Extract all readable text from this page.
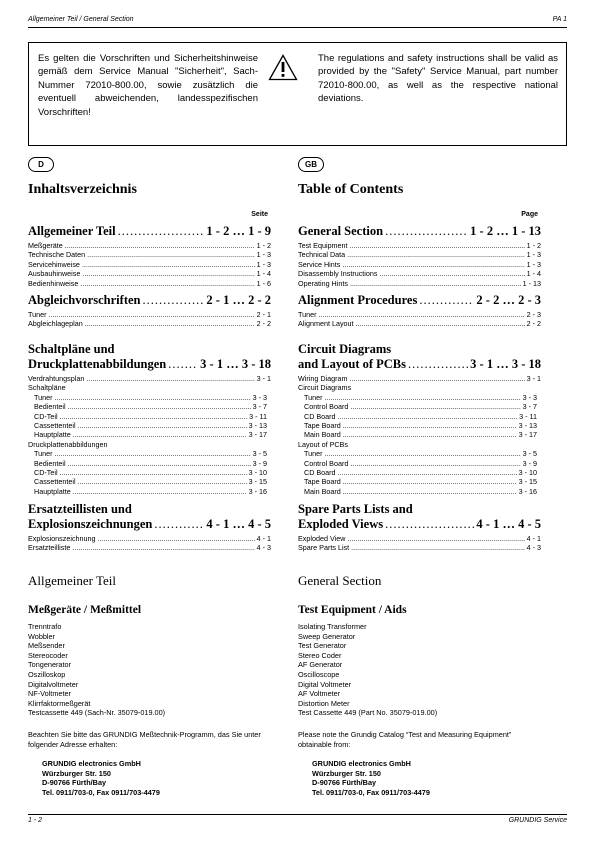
Allgemeiner Teil / General Section	PA 1

Es gelten die Vorschriften und Sicherheitshinweise gemäß dem Service Manual "Sicherheit", Sach-Nummer 72010-800.00, sowie zusätzlich die eventuell abweichenden, landesspezifischen Vorschriften!

The regulations and safety instructions shall be valid as provided by the "Safety" Service Manual, part number 72010-800.00, as well as the respective national deviations.

D
Inhaltsverzeichnis
Seite
Allgemeiner Teil .....	1 - 2 … 1 - 9
Meßgeräte .....	1 - 2
Technische Daten .....	1 - 3
Servicehinweise .....	1 - 3
Ausbauhinweise .....	1 - 4
Bedienhinweise .....	1 - 6
Abgleichvorschriften .....	2 - 1 … 2 - 2
Tuner .....	2 - 1
Abgleichlageplan .....	2 - 2
Schaltpläne und
Druckplattenabbildungen .....	3 - 1 … 3 - 18
Verdrahtungsplan .....	3 - 1
Schaltpläne
Tuner .....	3 - 3
Bedienteil .....	3 - 7
CD-Teil .....	3 - 11
Cassettenteil .....	3 - 13
Hauptplatte .....	3 - 17
Druckplattenabbildungen
Tuner .....	3 - 5
Bedienteil .....	3 - 9
CD-Teil .....	3 - 10
Cassettenteil .....	3 - 15
Hauptplatte .....	3 - 16
Ersatzteillisten und
Explosionszeichnungen .....	4 - 1 … 4 - 5
Explosionszeichnung .....	4 - 1
Ersatzteilliste .....	4 - 3
Allgemeiner Teil
Meßgeräte / Meßmittel
Trenntrafo
Wobbler
Meßsender
Stereocoder
Tongenerator
Oszilloskop
Digitalvoltmeter
NF-Voltmeter
Klirrfaktormeßgerät
Testcassette 449 (Sach-Nr. 35079-019.00)
Beachten Sie bitte das GRUNDIG Meßtechnik-Programm, das Sie unter folgender Adresse erhalten:
GRUNDIG electronics GmbH
Würzburger Str. 150
D-90766 Fürth/Bay
Tel. 0911/703-0, Fax 0911/703-4479
GB
Table of Contents
Page
General Section .....	1 - 2 … 1 - 13
Test Equipment .....	1 - 2
Technical Data .....	1 - 3
Service Hints .....	1 - 3
Disassembly Instructions .....	1 - 4
Operating Hints .....	1 - 13
Alignment Procedures .....	2 - 2 … 2 - 3
Tuner .....	2 - 3
Alignment Layout .....	2 - 2
Circuit Diagrams
and Layout of PCBs .....	3 - 1 … 3 - 18
Wiring Diagram .....	3 - 1
Circuit Diagrams
Tuner .....	3 - 3
Control Board .....	3 - 7
CD Board .....	3 - 11
Tape Board .....	3 - 13
Main Board .....	3 - 17
Layout of PCBs
Tuner .....	3 - 5
Control Board .....	3 - 9
CD Board .....	3 - 10
Tape Board .....	3 - 15
Main Board .....	3 - 16
Spare Parts Lists and
Exploded Views .....	4 - 1 … 4 - 5
Exploded View .....	4 - 1
Spare Parts List .....	4 - 3
General Section
Test Equipment / Aids
Isolating Transformer
Sweep Generator
Test Generator
Stereo Coder
AF Generator
Oscilloscope
Digital Voltmeter
AF Voltmeter
Distortion Meter
Test Cassette 449 (Part No. 35079-019.00)
Please note the Grundig Catalog “Test and Measuring Equipment” obtainable from:
GRUNDIG electronics GmbH
Würzburger Str. 150
D-90766 Fürth/Bay
Tel. 0911/703-0, Fax 0911/703-4479
1 - 2	GRUNDIG Service
